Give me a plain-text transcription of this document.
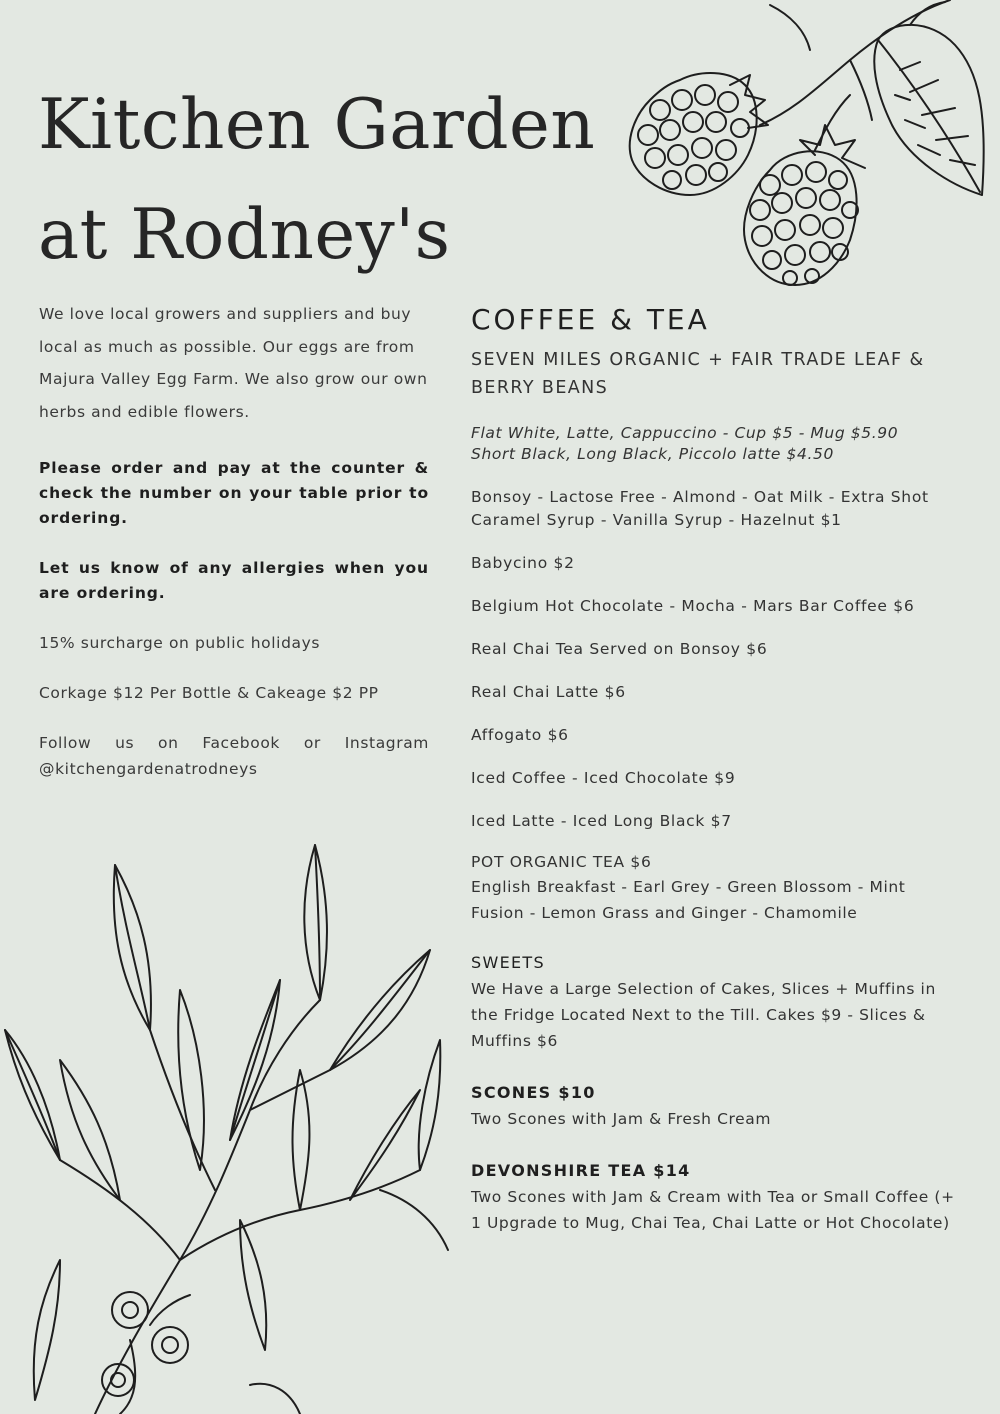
Kitchen Garden
at Rodney's

We love local growers and suppliers and buy local as much as possible. Our eggs are from Majura Valley Egg Farm. We also grow our own herbs and edible flowers.

Please order and pay at the counter & check the number on your table prior to ordering.

Let us know of any allergies when you are ordering.

15% surcharge on public holidays

Corkage $12 Per Bottle & Cakeage $2 PP

Follow us on Facebook or Instagram

@kitchengardenatrodneys

COFFEE & TEA

SEVEN MILES ORGANIC + FAIR TRADE LEAF & BERRY BEANS

Flat White, Latte, Cappuccino - Cup $5 - Mug $5.90

Short Black, Long Black, Piccolo latte $4.50

Bonsoy - Lactose Free - Almond - Oat Milk - Extra Shot

Caramel Syrup - Vanilla Syrup - Hazelnut $1

Babycino $2

Belgium Hot Chocolate - Mocha - Mars Bar Coffee $6

Real Chai Tea Served on Bonsoy $6

Real Chai Latte $6

Affogato $6

Iced Coffee - Iced Chocolate $9

Iced Latte - Iced Long Black $7

POT ORGANIC TEA $6

English Breakfast - Earl Grey - Green Blossom - Mint Fusion - Lemon Grass and Ginger - Chamomile

SWEETS

We Have a Large Selection of Cakes, Slices + Muffins in the Fridge Located Next to the Till. Cakes $9 - Slices & Muffins $6

SCONES $10

Two Scones with Jam & Fresh Cream

DEVONSHIRE TEA $14

Two Scones with Jam & Cream with Tea or Small Coffee (+ 1 Upgrade to Mug, Chai Tea, Chai Latte or Hot Chocolate)
